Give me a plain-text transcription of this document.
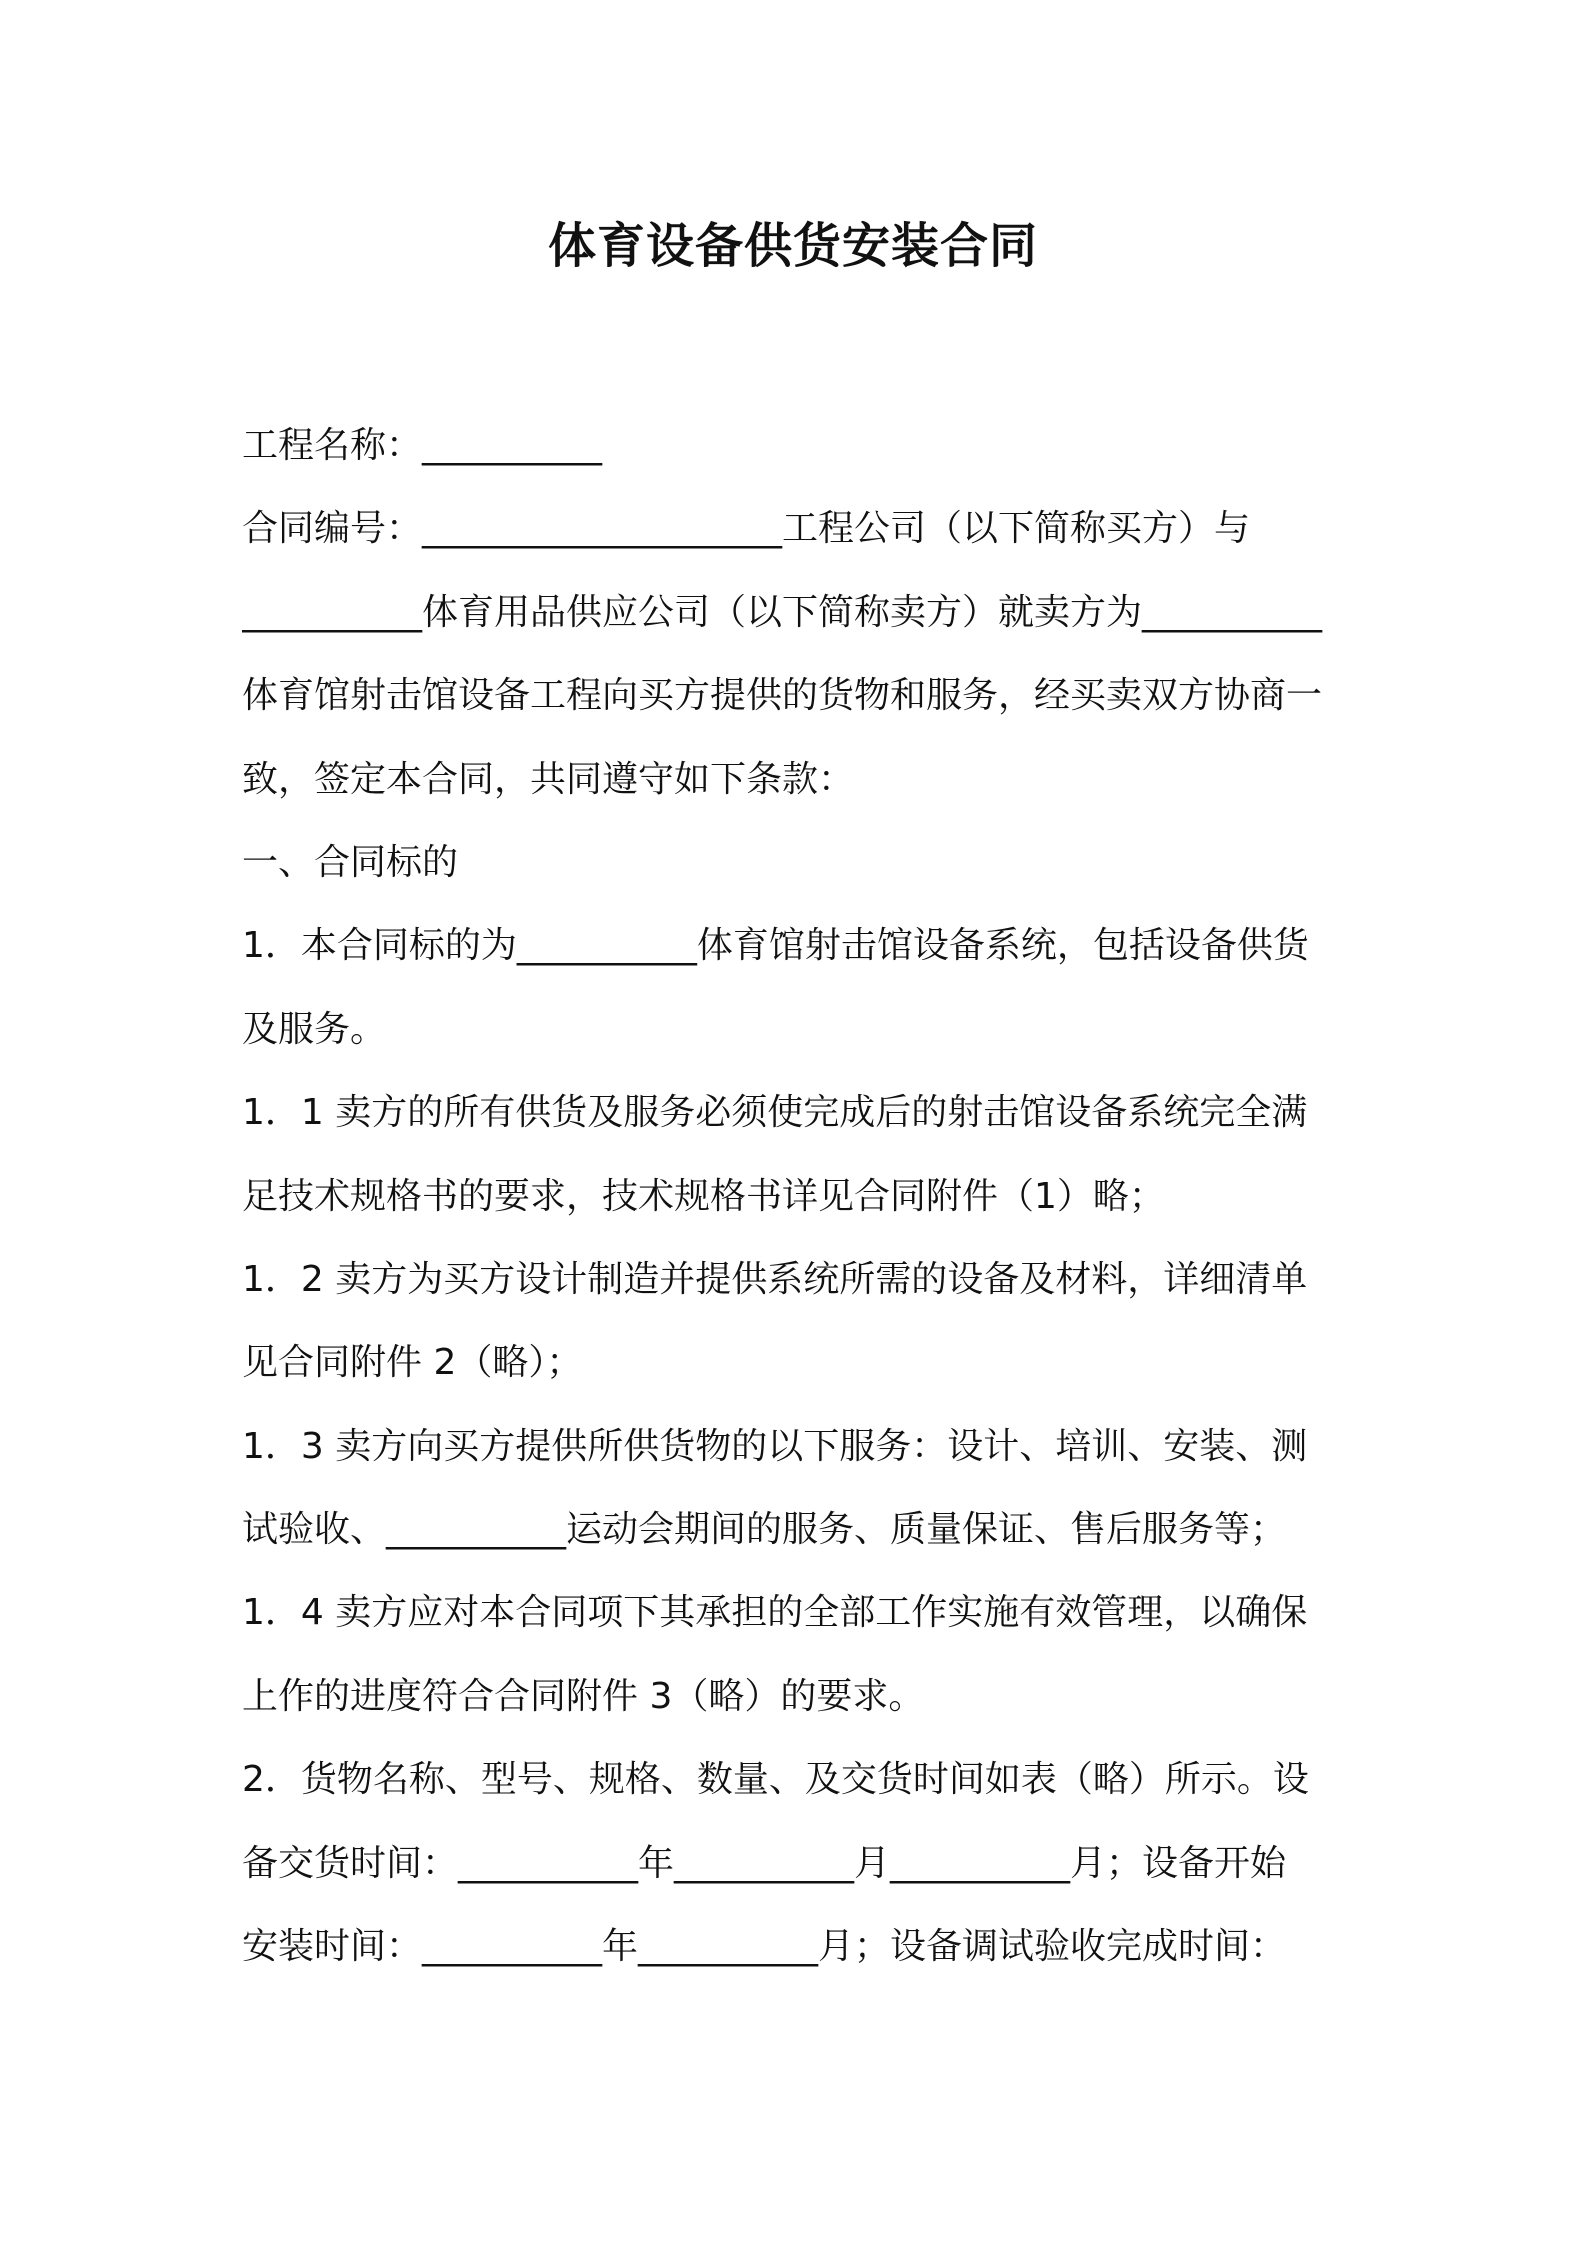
体育设备供货安装合同

工程名称：__________

合同编号：____________________工程公司（以下简称买方）与

__________体育用品供应公司（以下简称卖方）就卖方为__________

体育馆射击馆设备工程向买方提供的货物和服务，经买卖双方协商一

致，签定本合同，共同遵守如下条款：

一、合同标的

1．本合同标的为__________体育馆射击馆设备系统，包括设备供货

及服务。

1．1 卖方的所有供货及服务必须使完成后的射击馆设备系统完全满

足技术规格书的要求，技术规格书详见合同附件（1）略；

1．2 卖方为买方设计制造并提供系统所需的设备及材料，详细清单

见合同附件 2（略）；

1．3 卖方向买方提供所供货物的以下服务：设计、培训、安装、测

试验收、__________运动会期间的服务、质量保证、售后服务等；

1．4 卖方应对本合同项下其承担的全部工作实施有效管理，以确保

上作的进度符合合同附件 3（略）的要求。

2．货物名称、型号、规格、数量、及交货时间如表（略）所示。设

备交货时间：__________年__________月__________月；设备开始

安装时间：__________年__________月；设备调试验收完成时间：
